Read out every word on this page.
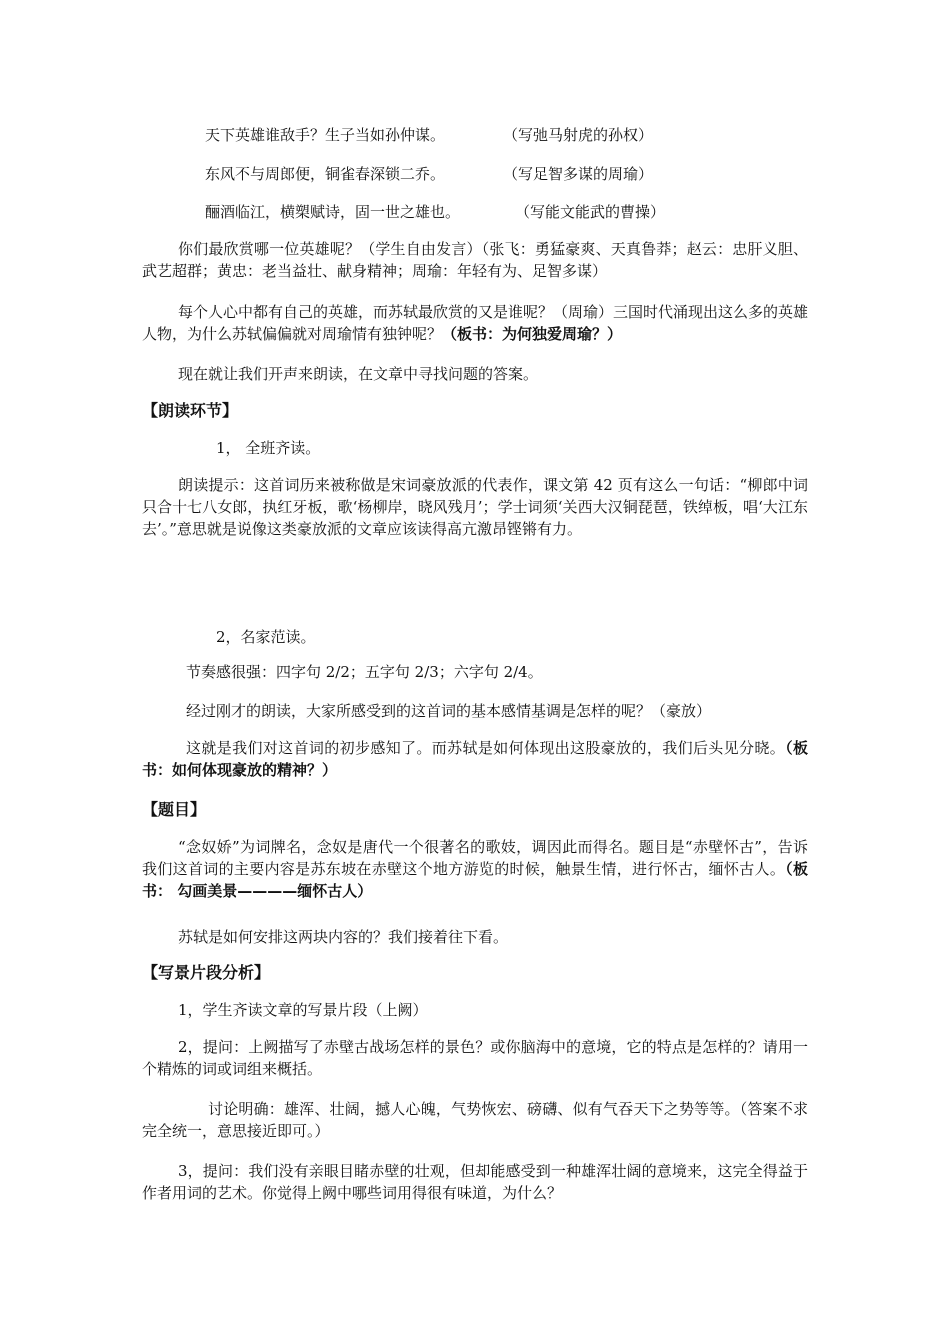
天下英雄谁敌手？生子当如孙仲谋。	（写弛马射虎的孙权）

东风不与周郎便，铜雀春深锁二乔。	（写足智多谋的周瑜）

酾酒临江，横槊赋诗，固一世之雄也。	（写能文能武的曹操）

你们最欣赏哪一位英雄呢？（学生自由发言）（张飞：勇猛豪爽、天真鲁莽；赵云：忠肝义胆、武艺超群；黄忠：老当益壮、献身精神；周瑜：年轻有为、足智多谋）

每个人心中都有自己的英雄，而苏轼最欣赏的又是谁呢？（周瑜）三国时代涌现出这么多的英雄人物，为什么苏轼偏偏就对周瑜情有独钟呢？（板书：为何独爱周瑜？）

现在就让我们开声来朗读，在文章中寻找问题的答案。

【朗读环节】

1， 全班齐读。

朗读提示：这首词历来被称做是宋词豪放派的代表作，课文第 42 页有这么一句话：“柳郎中词只合十七八女郎，执红牙板，歌‘杨柳岸，晓风残月’；学士词须‘关西大汉铜琵琶，铁绰板，唱‘大江东去’。”意思就是说像这类豪放派的文章应该读得高亢激昂铿锵有力。

2，名家范读。

节奏感很强：四字句 2/2；五字句 2/3；六字句 2/4。

经过刚才的朗读，大家所感受到的这首词的基本感情基调是怎样的呢？（豪放）

这就是我们对这首词的初步感知了。而苏轼是如何体现出这股豪放的，我们后头见分晓。（板书：如何体现豪放的精神？）

【题目】

“念奴娇”为词牌名，念奴是唐代一个很著名的歌妓，调因此而得名。题目是“赤壁怀古”，告诉我们这首词的主要内容是苏东坡在赤壁这个地方游览的时候，触景生情，进行怀古，缅怀古人。（板书： 勾画美景————缅怀古人）

苏轼是如何安排这两块内容的？我们接着往下看。

【写景片段分析】

1，学生齐读文章的写景片段（上阙）

2，提问：上阙描写了赤壁古战场怎样的景色？或你脑海中的意境，它的特点是怎样的？请用一个精炼的词或词组来概括。

讨论明确：雄浑、壮阔，撼人心魄，气势恢宏、磅礴、似有气吞天下之势等等。（答案不求完全统一，意思接近即可。）

3，提问：我们没有亲眼目睹赤壁的壮观，但却能感受到一种雄浑壮阔的意境来，这完全得益于作者用词的艺术。你觉得上阙中哪些词用得很有味道，为什么？
